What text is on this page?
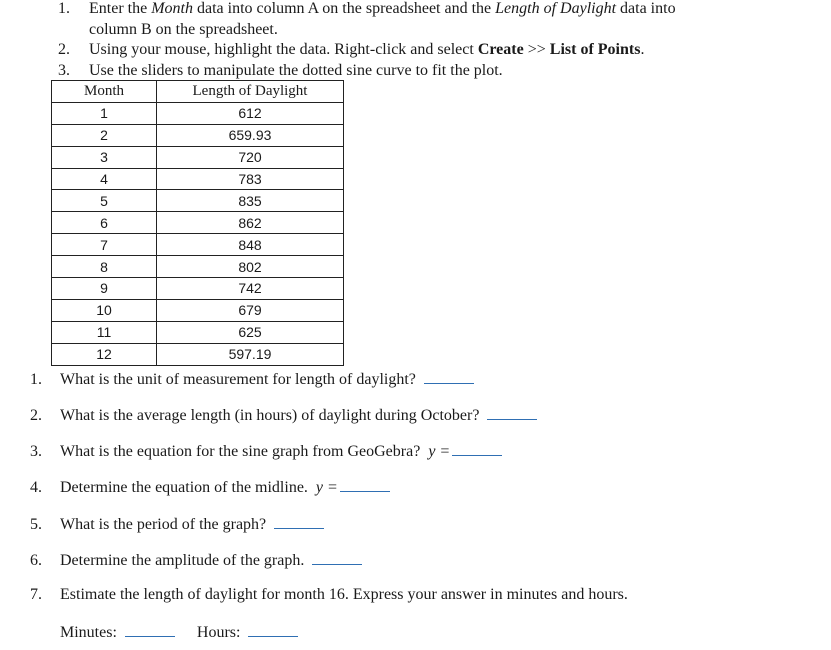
1. Enter the Month data into column A on the spreadsheet and the Length of Daylight data into
column B on the spreadsheet.
2. Using your mouse, highlight the data. Right-click and select Create >> List of Points.
3. Use the sliders to manipulate the dotted sine curve to fit the plot.
Month	Length of Daylight
1	612
2	659.93
3	720
4	783
5	835
6	862
7	848
8	802
9	742
10	679
11	625
12	597.19
1. What is the unit of measurement for length of daylight?
2. What is the average length (in hours) of daylight during October?
3. What is the equation for the sine graph from GeoGebra? y =
4. Determine the equation of the midline. y =
5. What is the period of the graph?
6. Determine the amplitude of the graph.
7. Estimate the length of daylight for month 16. Express your answer in minutes and hours.
Minutes:	Hours:
